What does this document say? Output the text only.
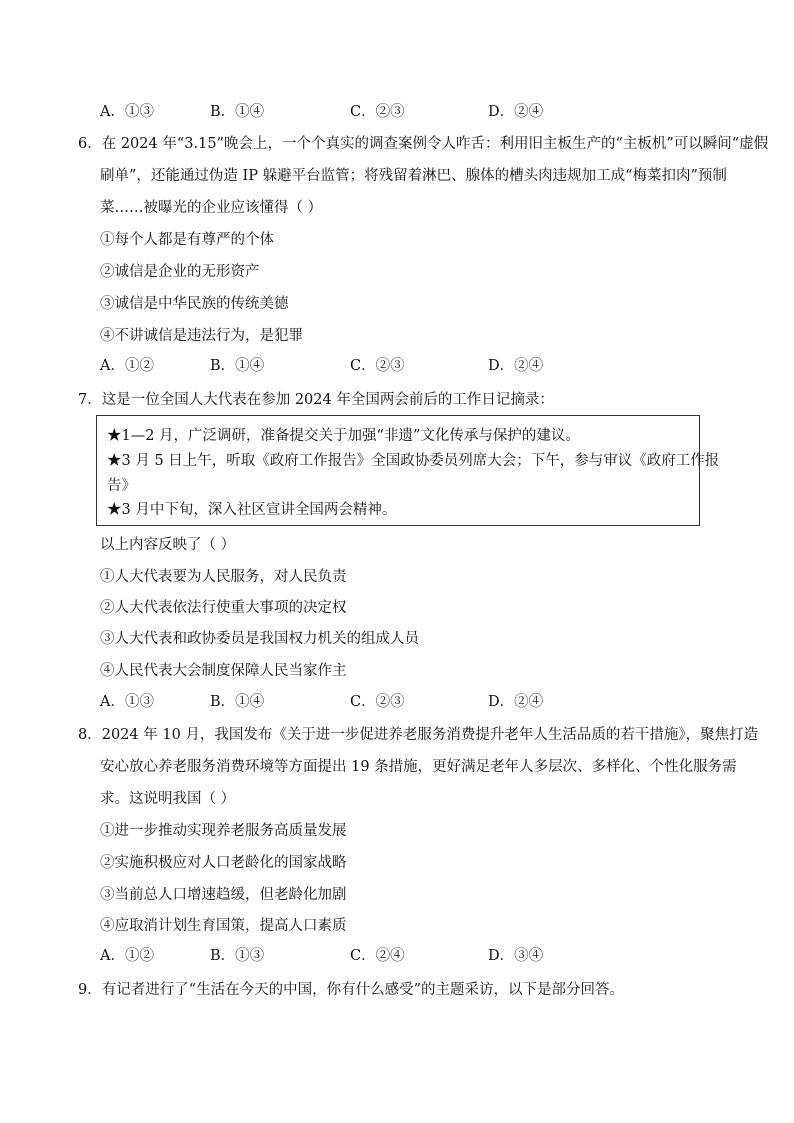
A．①③	B．①④	C．②③	D．②④
6．在 2024 年“3.15”晚会上，一个个真实的调查案例令人咋舌：利用旧主板生产的“主板机”可以瞬间“虚假
刷单”，还能通过伪造 IP 躲避平台监管；将残留着淋巴、腺体的槽头肉违规加工成“梅菜扣肉”预制
菜……被曝光的企业应该懂得（ ）
①每个人都是有尊严的个体
②诚信是企业的无形资产
③诚信是中华民族的传统美德
④不讲诚信是违法行为，是犯罪
A．①②	B．①④	C．②③	D．②④
7．这是一位全国人大代表在参加 2024 年全国两会前后的工作日记摘录：
★1—2 月，广泛调研，准备提交关于加强“非遗”文化传承与保护的建议。
★3 月 5 日上午，听取《政府工作报告》全国政协委员列席大会；下午，参与审议《政府工作报
告》
★3 月中下旬，深入社区宣讲全国两会精神。
以上内容反映了（ ）
①人大代表要为人民服务，对人民负责
②人大代表依法行使重大事项的决定权
③人大代表和政协委员是我国权力机关的组成人员
④人民代表大会制度保障人民当家作主
A．①③	B．①④	C．②③	D．②④
8．2024 年 10 月，我国发布《关于进一步促进养老服务消费提升老年人生活品质的若干措施》，聚焦打造
安心放心养老服务消费环境等方面提出 19 条措施，更好满足老年人多层次、多样化、个性化服务需
求。这说明我国（ ）
①进一步推动实现养老服务高质量发展
②实施积极应对人口老龄化的国家战略
③当前总人口增速趋缓，但老龄化加剧
④应取消计划生育国策，提高人口素质
A．①②	B．①③	C．②④	D．③④
9．有记者进行了“生活在今天的中国，你有什么感受”的主题采访，以下是部分回答。
